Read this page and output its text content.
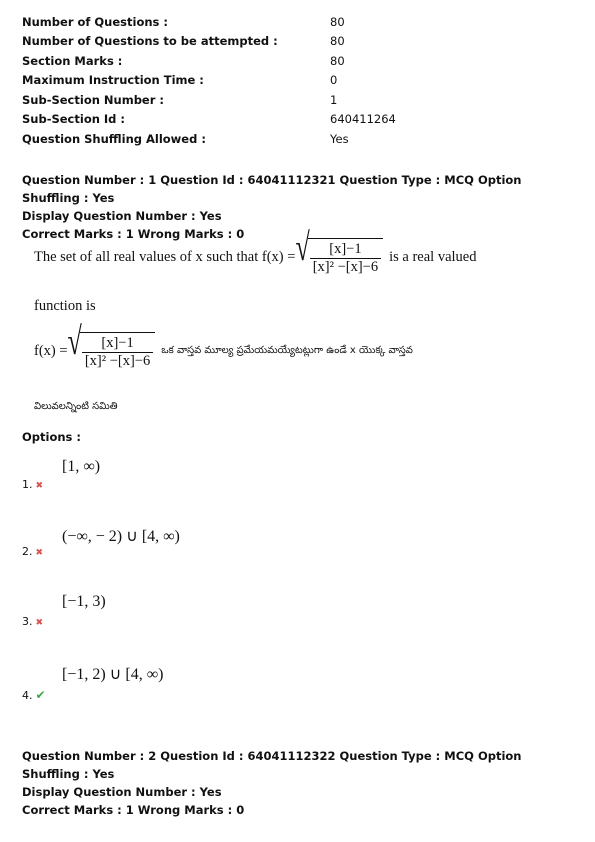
Number of Questions :	80
Number of Questions to be attempted :	80
Section Marks :	80
Maximum Instruction Time :	0
Sub-Section Number :	1
Sub-Section Id :	640411264
Question Shuffling Allowed :	Yes
Question Number : 1 Question Id : 64041112321 Question Type : MCQ Option Shuffling : Yes
Display Question Number : Yes
Correct Marks : 1 Wrong Marks : 0
The set of all real values of x such that f(x) = √ $\frac{[x]-1}{\text{[x]² −[x]−6}}$ is a real valued
function is
f(x) = √ $\frac{[x]-1}{\text{[x]² −[x]−6}}$ ఒక వాస్తవ మూల్య ప్రమేయమయ్యేటట్లుగా ఉండే x యొక్క వాస్తవ
విలువలన్నింటి సమితి
Options :
[1, ∞)
1. ✖
(−∞, − 2) ∪ [4, ∞)
2. ✖
[−1, 3)
3. ✖
[−1, 2) ∪ [4, ∞)
4. ✔
Question Number : 2 Question Id : 64041112322 Question Type : MCQ Option Shuffling : Yes
Display Question Number : Yes
Correct Marks : 1 Wrong Marks : 0
